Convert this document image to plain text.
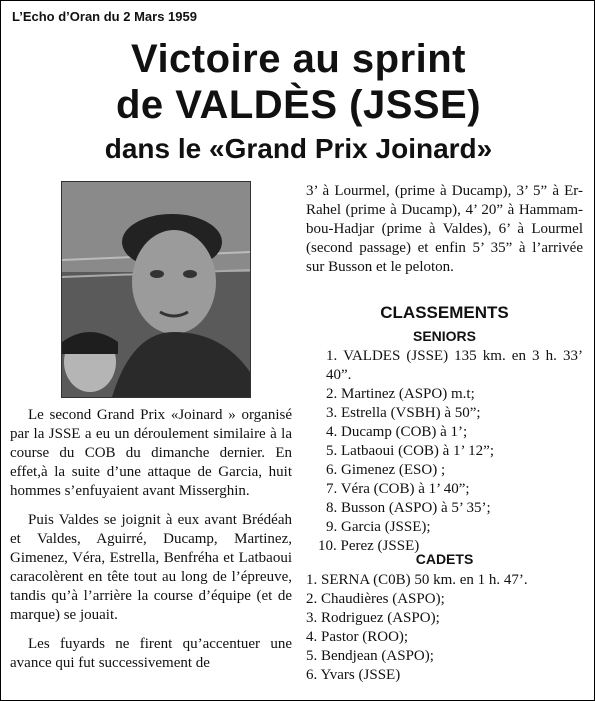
L’Echo d’Oran du 2 Mars 1959
Victoire au sprint
de VALDÈS (JSSE)
dans le «Grand Prix Joinard»

Le second Grand Prix «Joinard » organisé par la JSSE a eu un déroulement similaire à la course du COB du dimanche dernier. En effet,à la suite d’une attaque de Garcia, huit hommes s’enfuyaient avant Misserghin.

Puis Valdes se joignit à eux avant Brédéah et Valdes, Aguirré, Ducamp, Martinez, Gimenez, Véra, Estrella, Benfréha et Latbaoui caracolèrent en tête tout au long de l’épreuve, tandis qu’à l’arrière la course d’équipe (et de marque) se jouait.

Les fuyards ne firent qu’accentuer une avance qui fut successivement de

3’ à Lourmel, (prime à Ducamp), 3’ 5” à Er-Rahel (prime à Ducamp), 4’ 20” à Hammam-bou-Hadjar (prime à Valdes), 6’ à Lourmel (second passage) et enfin 5’ 35” à l’arrivée sur Busson et le peloton.

CLASSEMENTS
SENIORS
1. VALDES (JSSE) 135 km. en 3 h. 33’ 40”.
2. Martinez (ASPO) m.t;
3. Estrella (VSBH) à 50”;
4. Ducamp (COB) à 1’;
5. Latbaoui (COB) à 1’ 12”;
6. Gimenez (ESO) ;
7. Véra (COB) à 1’ 40”;
8. Busson (ASPO) à 5’ 35’;
9. Garcia (JSSE);
10. Perez (JSSE)
CADETS
1. SERNA (C0B) 50 km. en 1 h. 47’.
2. Chaudières (ASPO);
3. Rodriguez (ASPO);
4. Pastor (ROO);
5. Bendjean (ASPO);
6. Yvars (JSSE)
